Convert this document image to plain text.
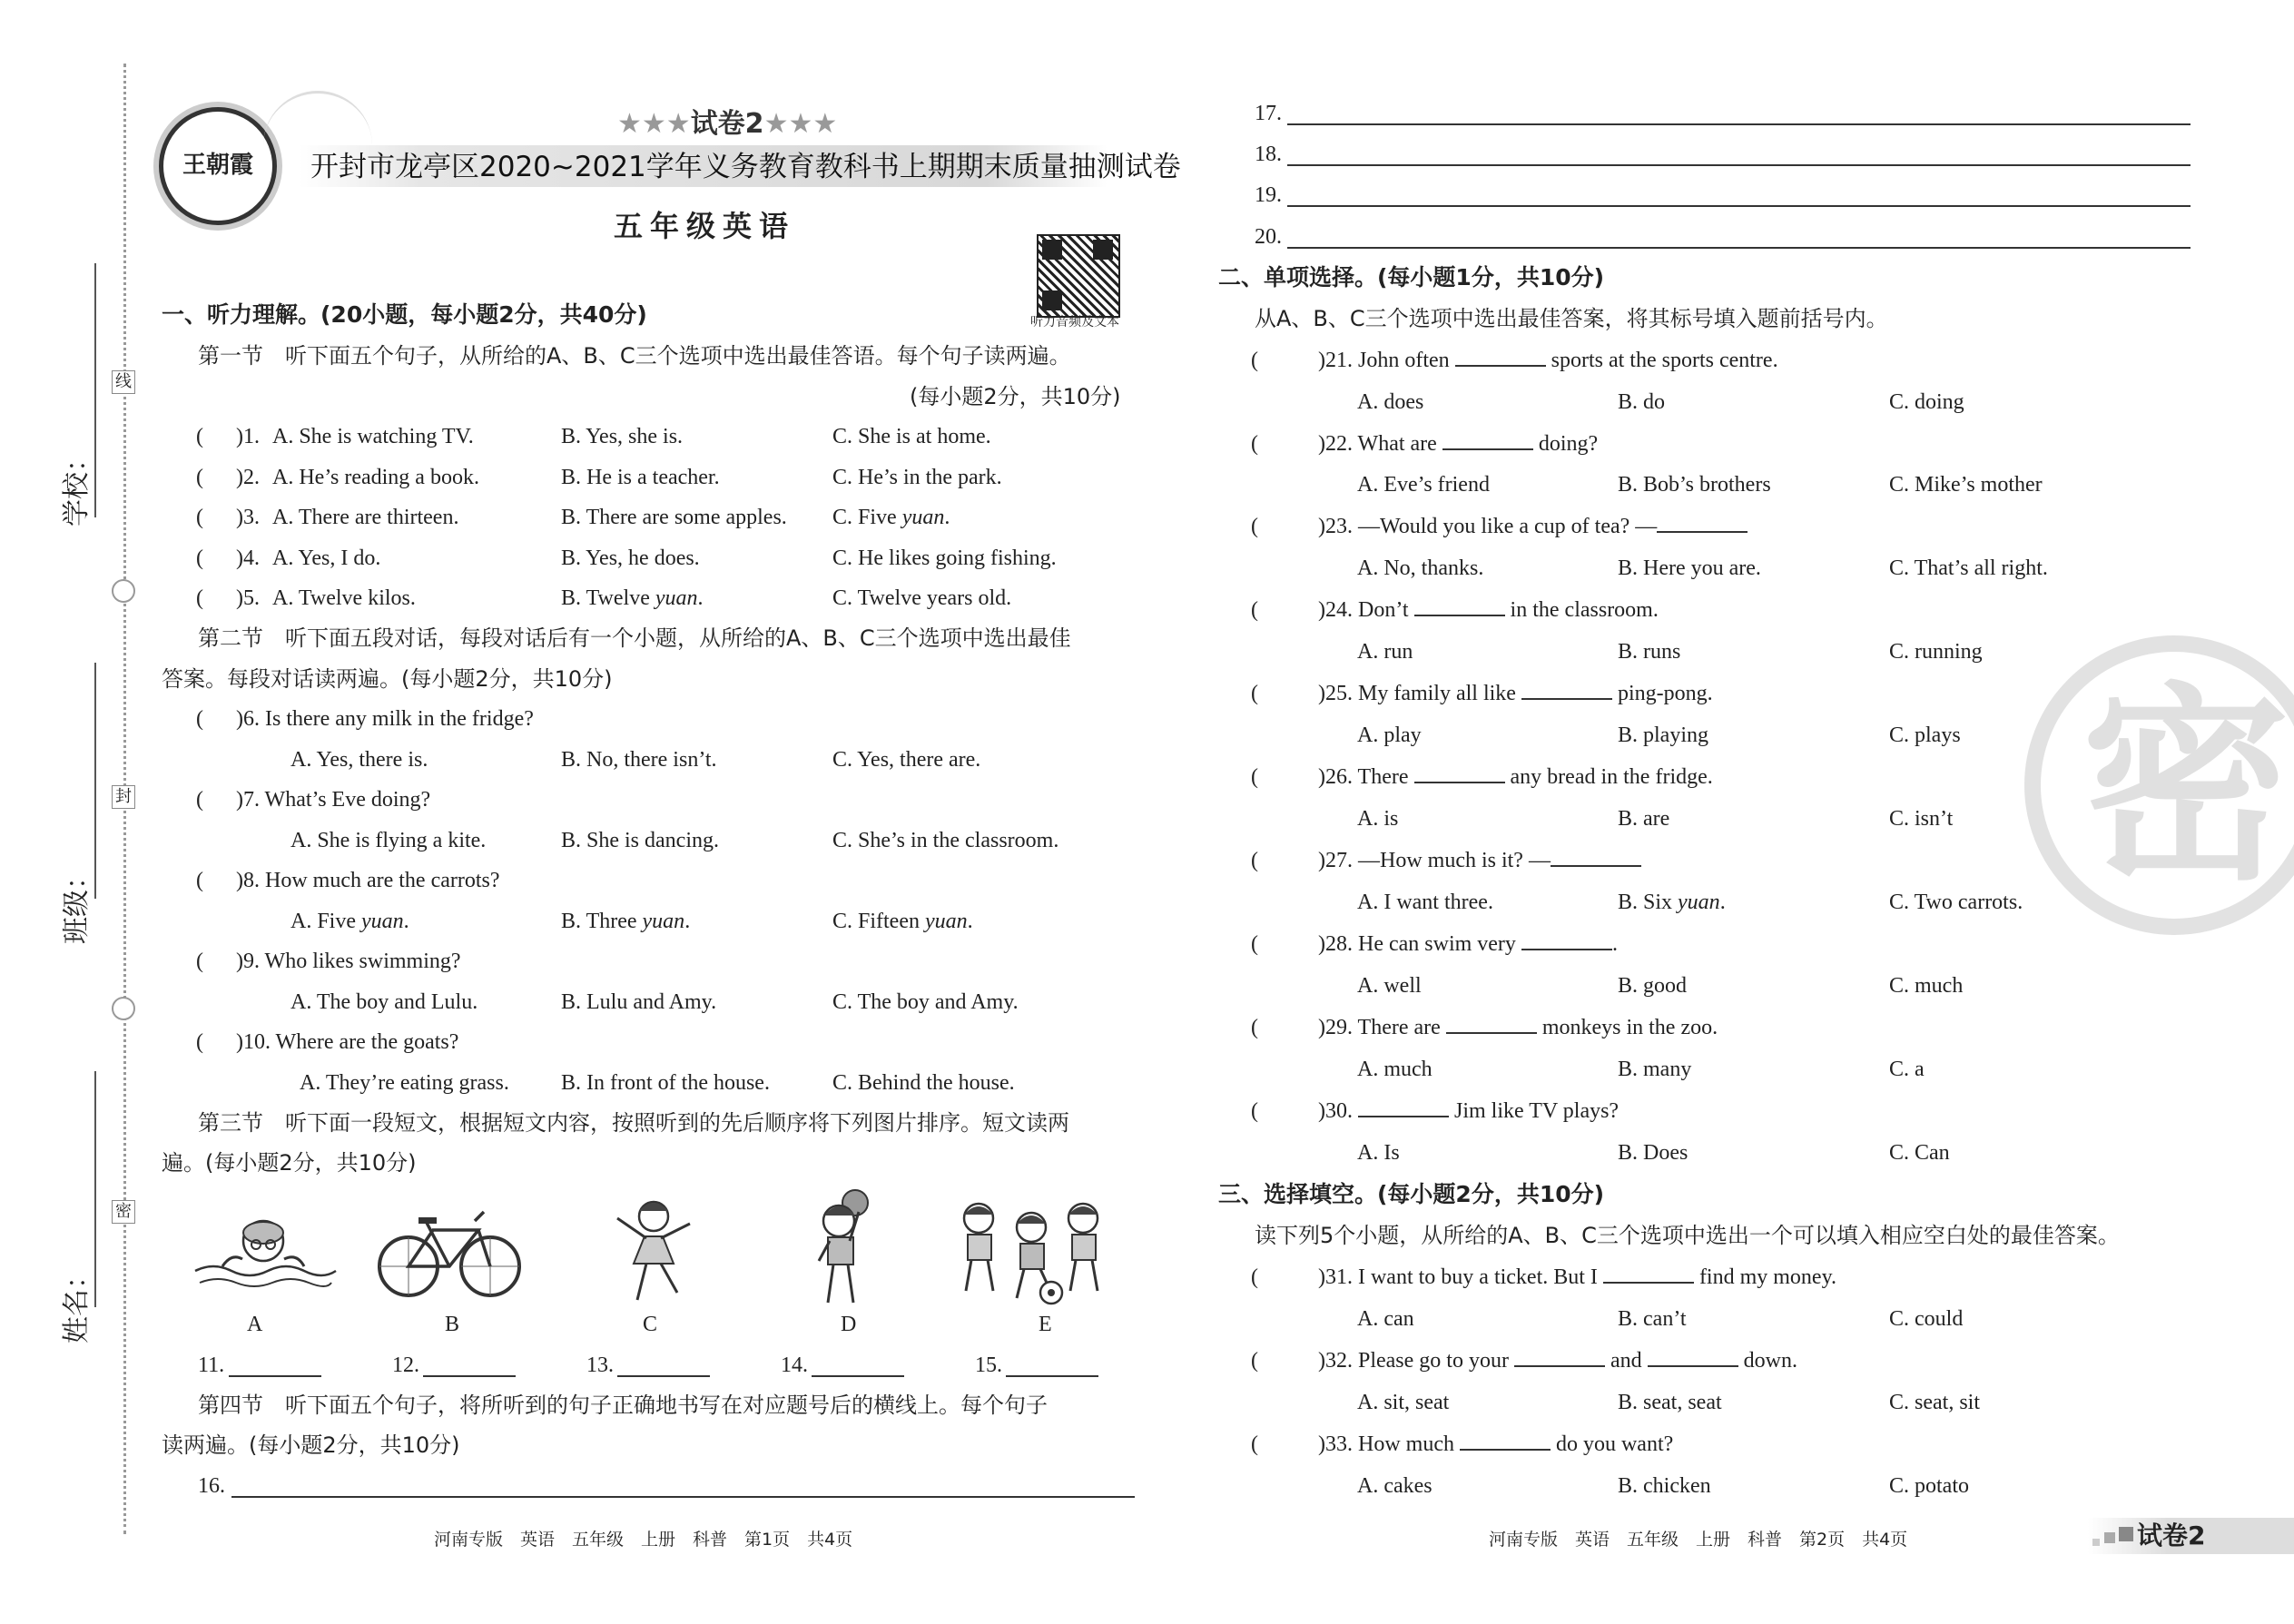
学校：
班级：
姓名：
线
封
密
王朝霞
★★★试卷2★★★
开封市龙亭区2020~2021学年义务教育教科书上期期末质量抽测试卷
五年级英语
听力音频及文本
一、听力理解。(20小题，每小题2分，共40分)
第一节　听下面五个句子，从所给的A、B、C三个选项中选出最佳答语。每个句子读两遍。
(每小题2分，共10分)
( 　 )1. A. She is watching TV.	B. Yes, she is.	C. She is at home.
( 　 )2. A. He’s reading a book.	B. He is a teacher.	C. He’s in the park.
( 　 )3. A. There are thirteen.	B. There are some apples. C. Five yuan.
( 　 )4. A. Yes, I do.	B. Yes, he does.	C. He likes going fishing.
( 　 )5. A. Twelve kilos.	B. Twelve yuan.	C. Twelve years old.
第二节　听下面五段对话，每段对话后有一个小题，从所给的A、B、C三个选项中选出最佳
答案。每段对话读两遍。(每小题2分，共10分)
( 　 )6. Is there any milk in the fridge?
A. Yes, there is.	B. No, there isn’t.	C. Yes, there are.
( 　 )7. What’s Eve doing?
A. She is flying a kite.	B. She is dancing.	C. She’s in the classroom.
( 　 )8. How much are the carrots?
A. Five yuan.	B. Three yuan.	C. Fifteen yuan.
( 　 )9. Who likes swimming?
A. The boy and Lulu.	B. Lulu and Amy.	C. The boy and Amy.
( 　 )10. Where are the goats?
A. They’re eating grass. B. In front of the house.	C. Behind the house.
第三节　听下面一段短文，根据短文内容，按照听到的先后顺序将下列图片排序。短文读两
遍。(每小题2分，共10分)
A	B	C	D	E
11.	12.	13.	14.	15.
第四节　听下面五个句子，将所听到的句子正确地书写在对应题号后的横线上。每个句子
读两遍。(每小题2分，共10分)
16.
河南专版　英语　五年级　上册　科普　第1页　共4页
17.
18.
19.
20.
二、单项选择。(每小题1分，共10分)
从A、B、C三个选项中选出最佳答案，将其标号填入题前括号内。
( 　 　 )21. John often	sports at the sports centre.
A. does	B. do	C. doing
( 　 　 )22. What are	doing?
A. Eve’s friend	B. Bob’s brothers	C. Mike’s mother
( 　 　 )23. —Would you like a cup of tea? —
A. No, thanks.	B. Here you are.	C. That’s all right.
( 　 　 )24. Don’t	in the classroom.
A. run	B. runs	C. running
( 　 　 )25. My family all like	ping-pong.
A. play	B. playing	C. plays
( 　 　 )26. There	any bread in the fridge.
A. is	B. are	C. isn’t
( 　 　 )27. —How much is it? —
A. I want three.	B. Six yuan.	C. Two carrots.
( 　 　 )28. He can swim very	.
A. well	B. good	C. much
( 　 　 )29. There are	monkeys in the zoo.
A. much	B. many	C. a
( 　 　 )30.	Jim like TV plays?
A. Is	B. Does	C. Can
三、选择填空。(每小题2分，共10分)
读下列5个小题，从所给的A、B、C三个选项中选出一个可以填入相应空白处的最佳答案。
( 　 　 )31. I want to buy a ticket. But I	find my money.
A. can	B. can’t	C. could
( 　 　 )32. Please go to your	and	down.
A. sit, seat	B. seat, seat	C. seat, sit
( 　 　 )33. How much	do you want?
A. cakes	B. chicken	C. potato
密
河南专版　英语　五年级　上册　科普　第2页　共4页	试卷2
